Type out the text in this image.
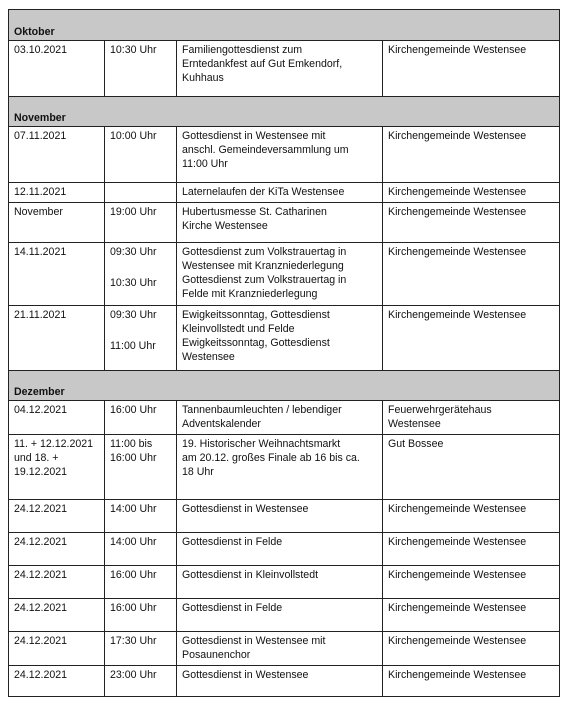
Oktober			
03.10.2021	10:30 Uhr	Familiengottesdienst zum
Erntedankfest auf Gut Emkendorf,
Kuhhaus	Kirchengemeinde Westensee

November			
07.11.2021	10:00 Uhr	Gottesdienst in Westensee mit
anschl. Gemeindeversammlung um
11:00 Uhr	Kirchengemeinde Westensee

12.11.2021		Laternelaufen der KiTa Westensee	Kirchengemeinde Westensee

November	19:00 Uhr	Hubertusmesse St. Catharinen
Kirche Westensee	Kirchengemeinde Westensee

14.11.2021	09:30 Uhr
10:30 Uhr	Gottesdienst zum Volkstrauertag in
Westensee mit Kranzniederlegung
Gottesdienst zum Volkstrauertag in
Felde mit Kranzniederlegung	Kirchengemeinde Westensee

21.11.2021	09:30 Uhr
11:00 Uhr	Ewigkeitssonntag, Gottesdienst
Kleinvollstedt und Felde
Ewigkeitssonntag, Gottesdienst
Westensee	Kirchengemeinde Westensee

Dezember			
04.12.2021	16:00 Uhr	Tannenbaumleuchten / lebendiger
Adventskalender	Feuerwehrgerätehaus
Westensee

11. + 12.12.2021 und 18. + 19.12.2021	11:00 bis
16:00 Uhr	19. Historischer Weihnachtsmarkt
am 20.12. großes Finale ab 16 bis ca.
18 Uhr	Gut Bossee

24.12.2021	14:00 Uhr	Gottesdienst in Westensee	Kirchengemeinde Westensee

24.12.2021	14:00 Uhr	Gottesdienst in Felde	Kirchengemeinde Westensee

24.12.2021	16:00 Uhr	Gottesdienst in Kleinvollstedt	Kirchengemeinde Westensee

24.12.2021	16:00 Uhr	Gottesdienst in Felde	Kirchengemeinde Westensee

24.12.2021	17:30 Uhr	Gottesdienst in Westensee mit
Posaunenchor	Kirchengemeinde Westensee

24.12.2021	23:00 Uhr	Gottesdienst in Westensee	Kirchengemeinde Westensee
